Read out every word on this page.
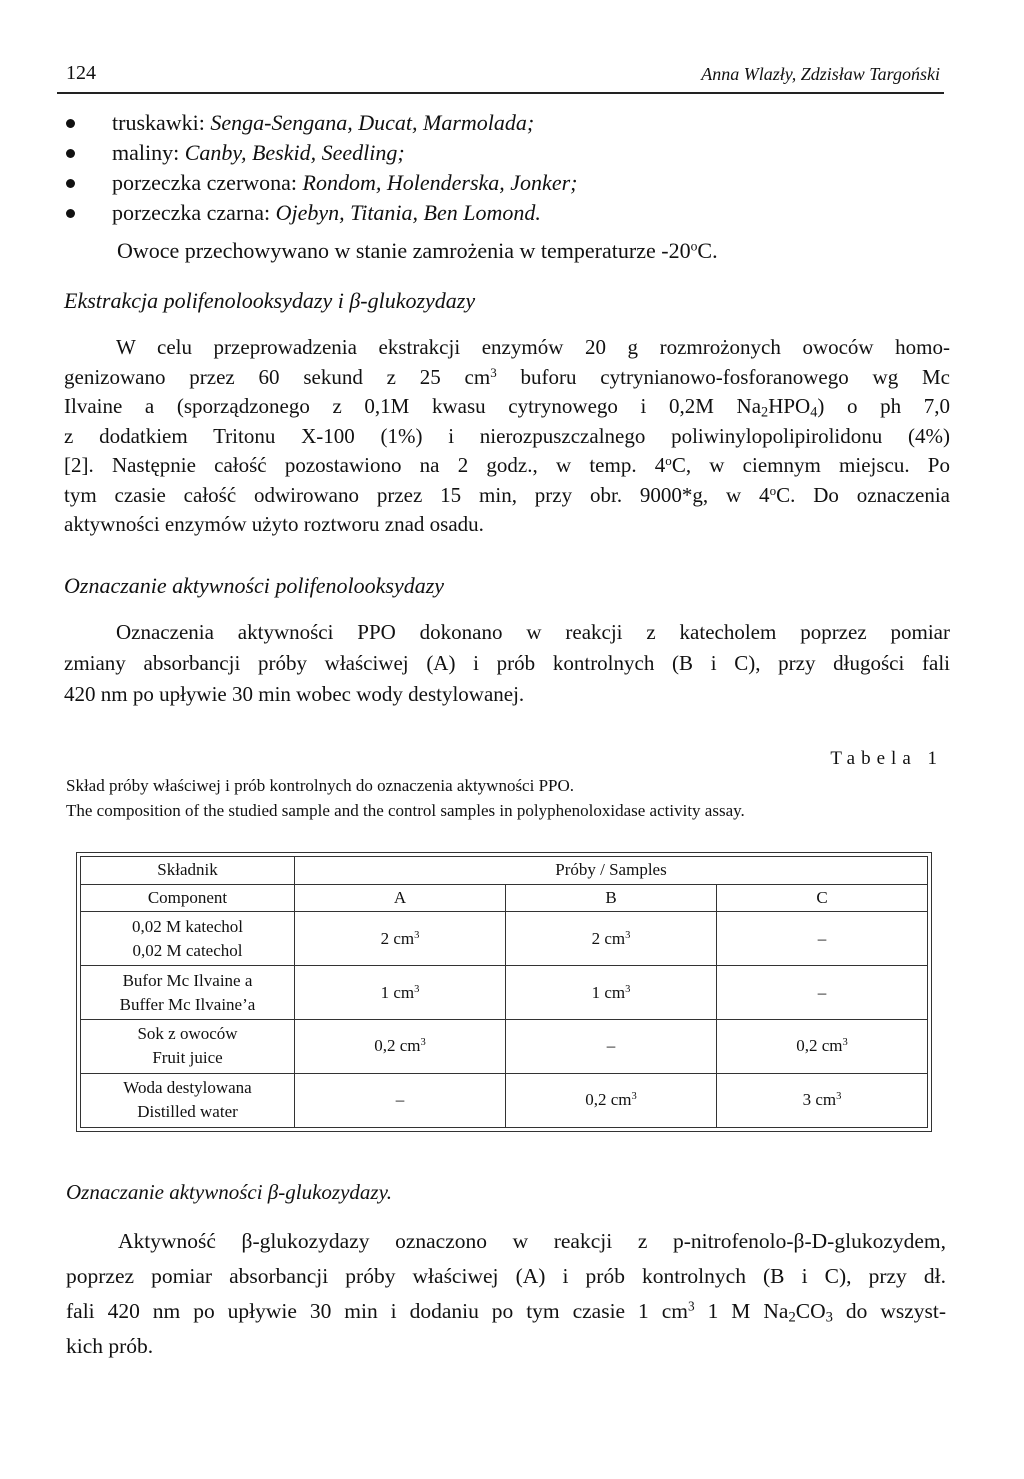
124	Anna Wlazły, Zdzisław Targoński
truskawki: Senga-Sengana, Ducat, Marmolada;
maliny: Canby, Beskid, Seedling;
porzeczka czerwona: Rondom, Holenderska, Jonker;
porzeczka czarna: Ojebyn, Titania, Ben Lomond.
Owoce przechowywano w stanie zamrożenia w temperaturze -20$^o$C.
Ekstrakcja polifenolooksydazy i β-glukozydazy
W celu przeprowadzenia ekstrakcji enzymów 20 g rozmrożonych owoców homo-
genizowano przez 60 sekund z 25 $cm^3$ buforu cytrynianowo-fosforanowego wg Mc
Ilvaine a (sporządzonego z 0,1M kwasu cytrynowego i 0,2M $Na_2HPO_4$) o ph 7,0
z dodatkiem Tritonu X-100 (1%) i nierozpuszczalnego poliwinylopolipirolidonu (4%)
[2]. Następnie całość pozostawiono na 2 godz., w temp. 4$^o$C, w ciemnym miejscu. Po
tym czasie całość odwirowano przez 15 min, przy obr. 9000*g, w 4$^o$C. Do oznaczenia
aktywności enzymów użyto roztworu znad osadu.
Oznaczanie aktywności polifenolooksydazy
Oznaczenia aktywności PPO dokonano w reakcji z katecholem poprzez pomiar
zmiany absorbancji próby właściwej (A) i prób kontrolnych (B i C), przy długości fali
420 nm po upływie 30 min wobec wody destylowanej.
Tabela 1
Skład próby właściwej i prób kontrolnych do oznaczenia aktywności PPO.
The composition of the studied sample and the control samples in polyphenoloxidase activity assay.
Składnik	Próby / Samples		
Component	A	B	C

0,02 M katechol
0,02 M catechol	2 $cm^3$	2 $cm^3$	–

Bufor Mc Ilvaine a
Buffer Mc Ilvaine’a	1 $cm^3$	1 $cm^3$	–

Sok z owoców
Fruit juice	0,2 $cm^3$	–	0,2 $cm^3$

Woda destylowana
Distilled water	–	0,2 $cm^3$	3 $cm^3$
Oznaczanie aktywności β-glukozydazy.
Aktywność β-glukozydazy oznaczono w reakcji z p-nitrofenolo-β-D-glukozydem,
poprzez pomiar absorbancji próby właściwej (A) i prób kontrolnych (B i C), przy dł.
fali 420 nm po upływie 30 min i dodaniu po tym czasie 1 $cm^3$ 1 M $Na_2CO_3$ do wszyst-
kich prób.
